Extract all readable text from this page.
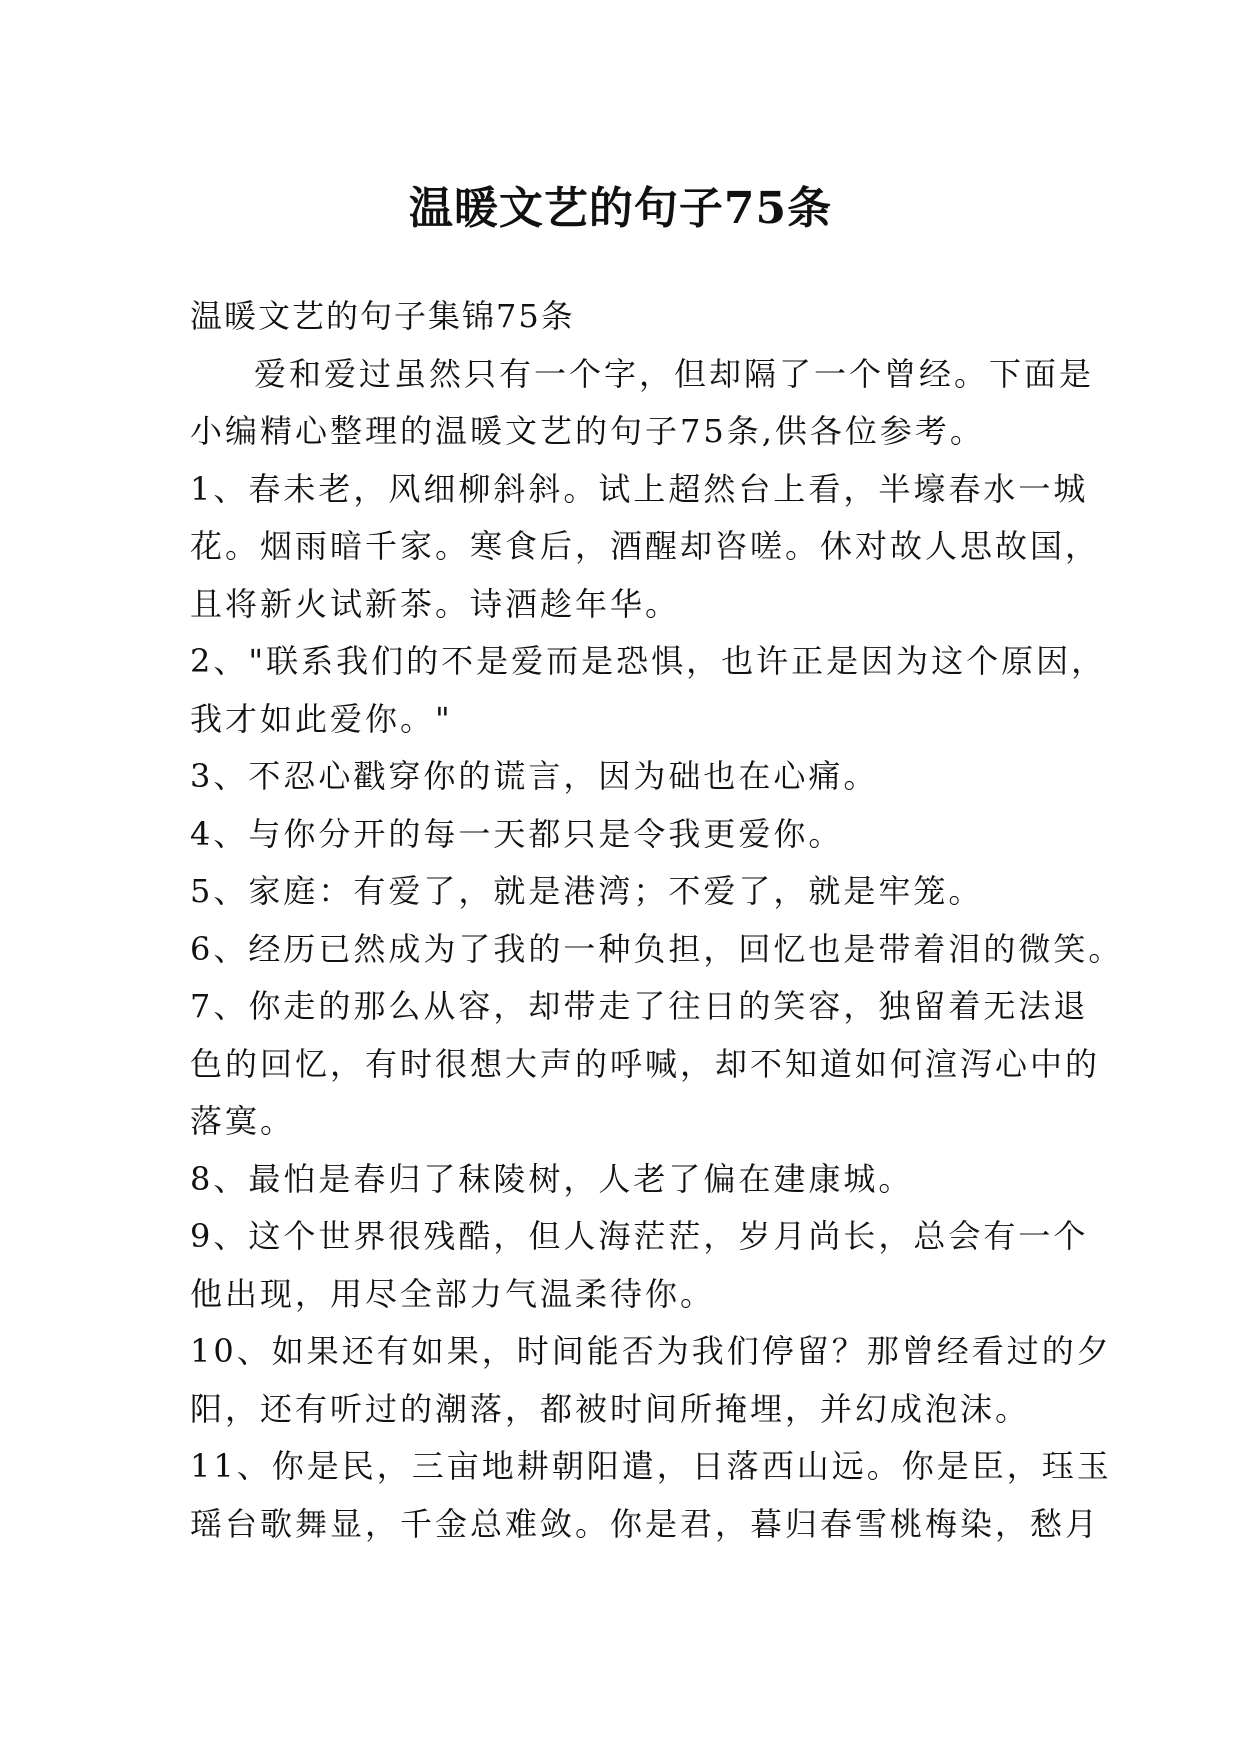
温暖文艺的句子75条

温暖文艺的句子集锦75条

爱和爱过虽然只有一个字，但却隔了一个曾经。下面是

小编精心整理的温暖文艺的句子75条,供各位参考。

1、春未老，风细柳斜斜。试上超然台上看，半壕春水一城
花。烟雨暗千家。寒食后，酒醒却咨嗟。休对故人思故国，
且将新火试新茶。诗酒趁年华。

2、"联系我们的不是爱而是恐惧，也许正是因为这个原因，
我才如此爱你。"

3、不忍心戳穿你的谎言，因为础也在心痛。

4、与你分开的每一天都只是令我更爱你。

5、家庭：有爱了，就是港湾；不爱了，就是牢笼。

6、经历已然成为了我的一种负担，回忆也是带着泪的微笑。

7、你走的那么从容，却带走了往日的笑容，独留着无法退
色的回忆，有时很想大声的呼喊，却不知道如何渲泻心中的
落寞。

8、最怕是春归了秣陵树，人老了偏在建康城。

9、这个世界很残酷，但人海茫茫，岁月尚长，总会有一个
他出现，用尽全部力气温柔待你。

10、如果还有如果，时间能否为我们停留？那曾经看过的夕
阳，还有听过的潮落，都被时间所掩埋，并幻成泡沫。

11、你是民，三亩地耕朝阳遣，日落西山远。你是臣，珏玉
瑶台歌舞显，千金总难敛。你是君，暮归春雪桃梅染，愁月
